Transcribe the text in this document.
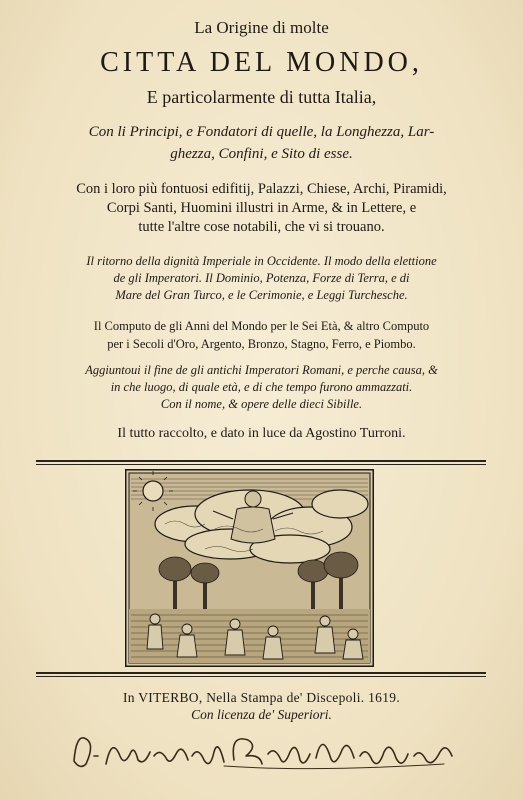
La Origine di molte
CITTA DEL MONDO,
E particolarmente di tutta Italia,
Con li Principi, e Fondatori di quelle, la Longhezza, Lar-
ghezza, Confini, e Sito di esse.
Con i loro più fontuosi edifitij, Palazzi, Chiese, Archi, Piramidi,
Corpi Santi, Huomini illustri in Arme, & in Lettere, e
tutte l'altre cose notabili, che vi si trouano.
Il ritorno della dignità Imperiale in Occidente. Il modo della elettione
de gli Imperatori. Il Dominio, Potenza, Forze di Terra, e di
Mare del Gran Turco, e le Cerimonie, e Leggi Turchesche.
Il Computo de gli Anni del Mondo per le Sei Età, & altro Computo
per i Secoli d'Oro, Argento, Bronzo, Stagno, Ferro, e Piombo.
Aggiuntoui il fine de gli antichi Imperatori Romani, e perche causa, &
in che luogo, di quale età, e di che tempo furono ammazzati.
Con il nome, & opere delle dieci Sibille.
Il tutto raccolto, e dato in luce da Agostino Turroni.
In VITERBO, Nella Stampa de' Discepoli. 1619.
Con licenza de' Superiori.
